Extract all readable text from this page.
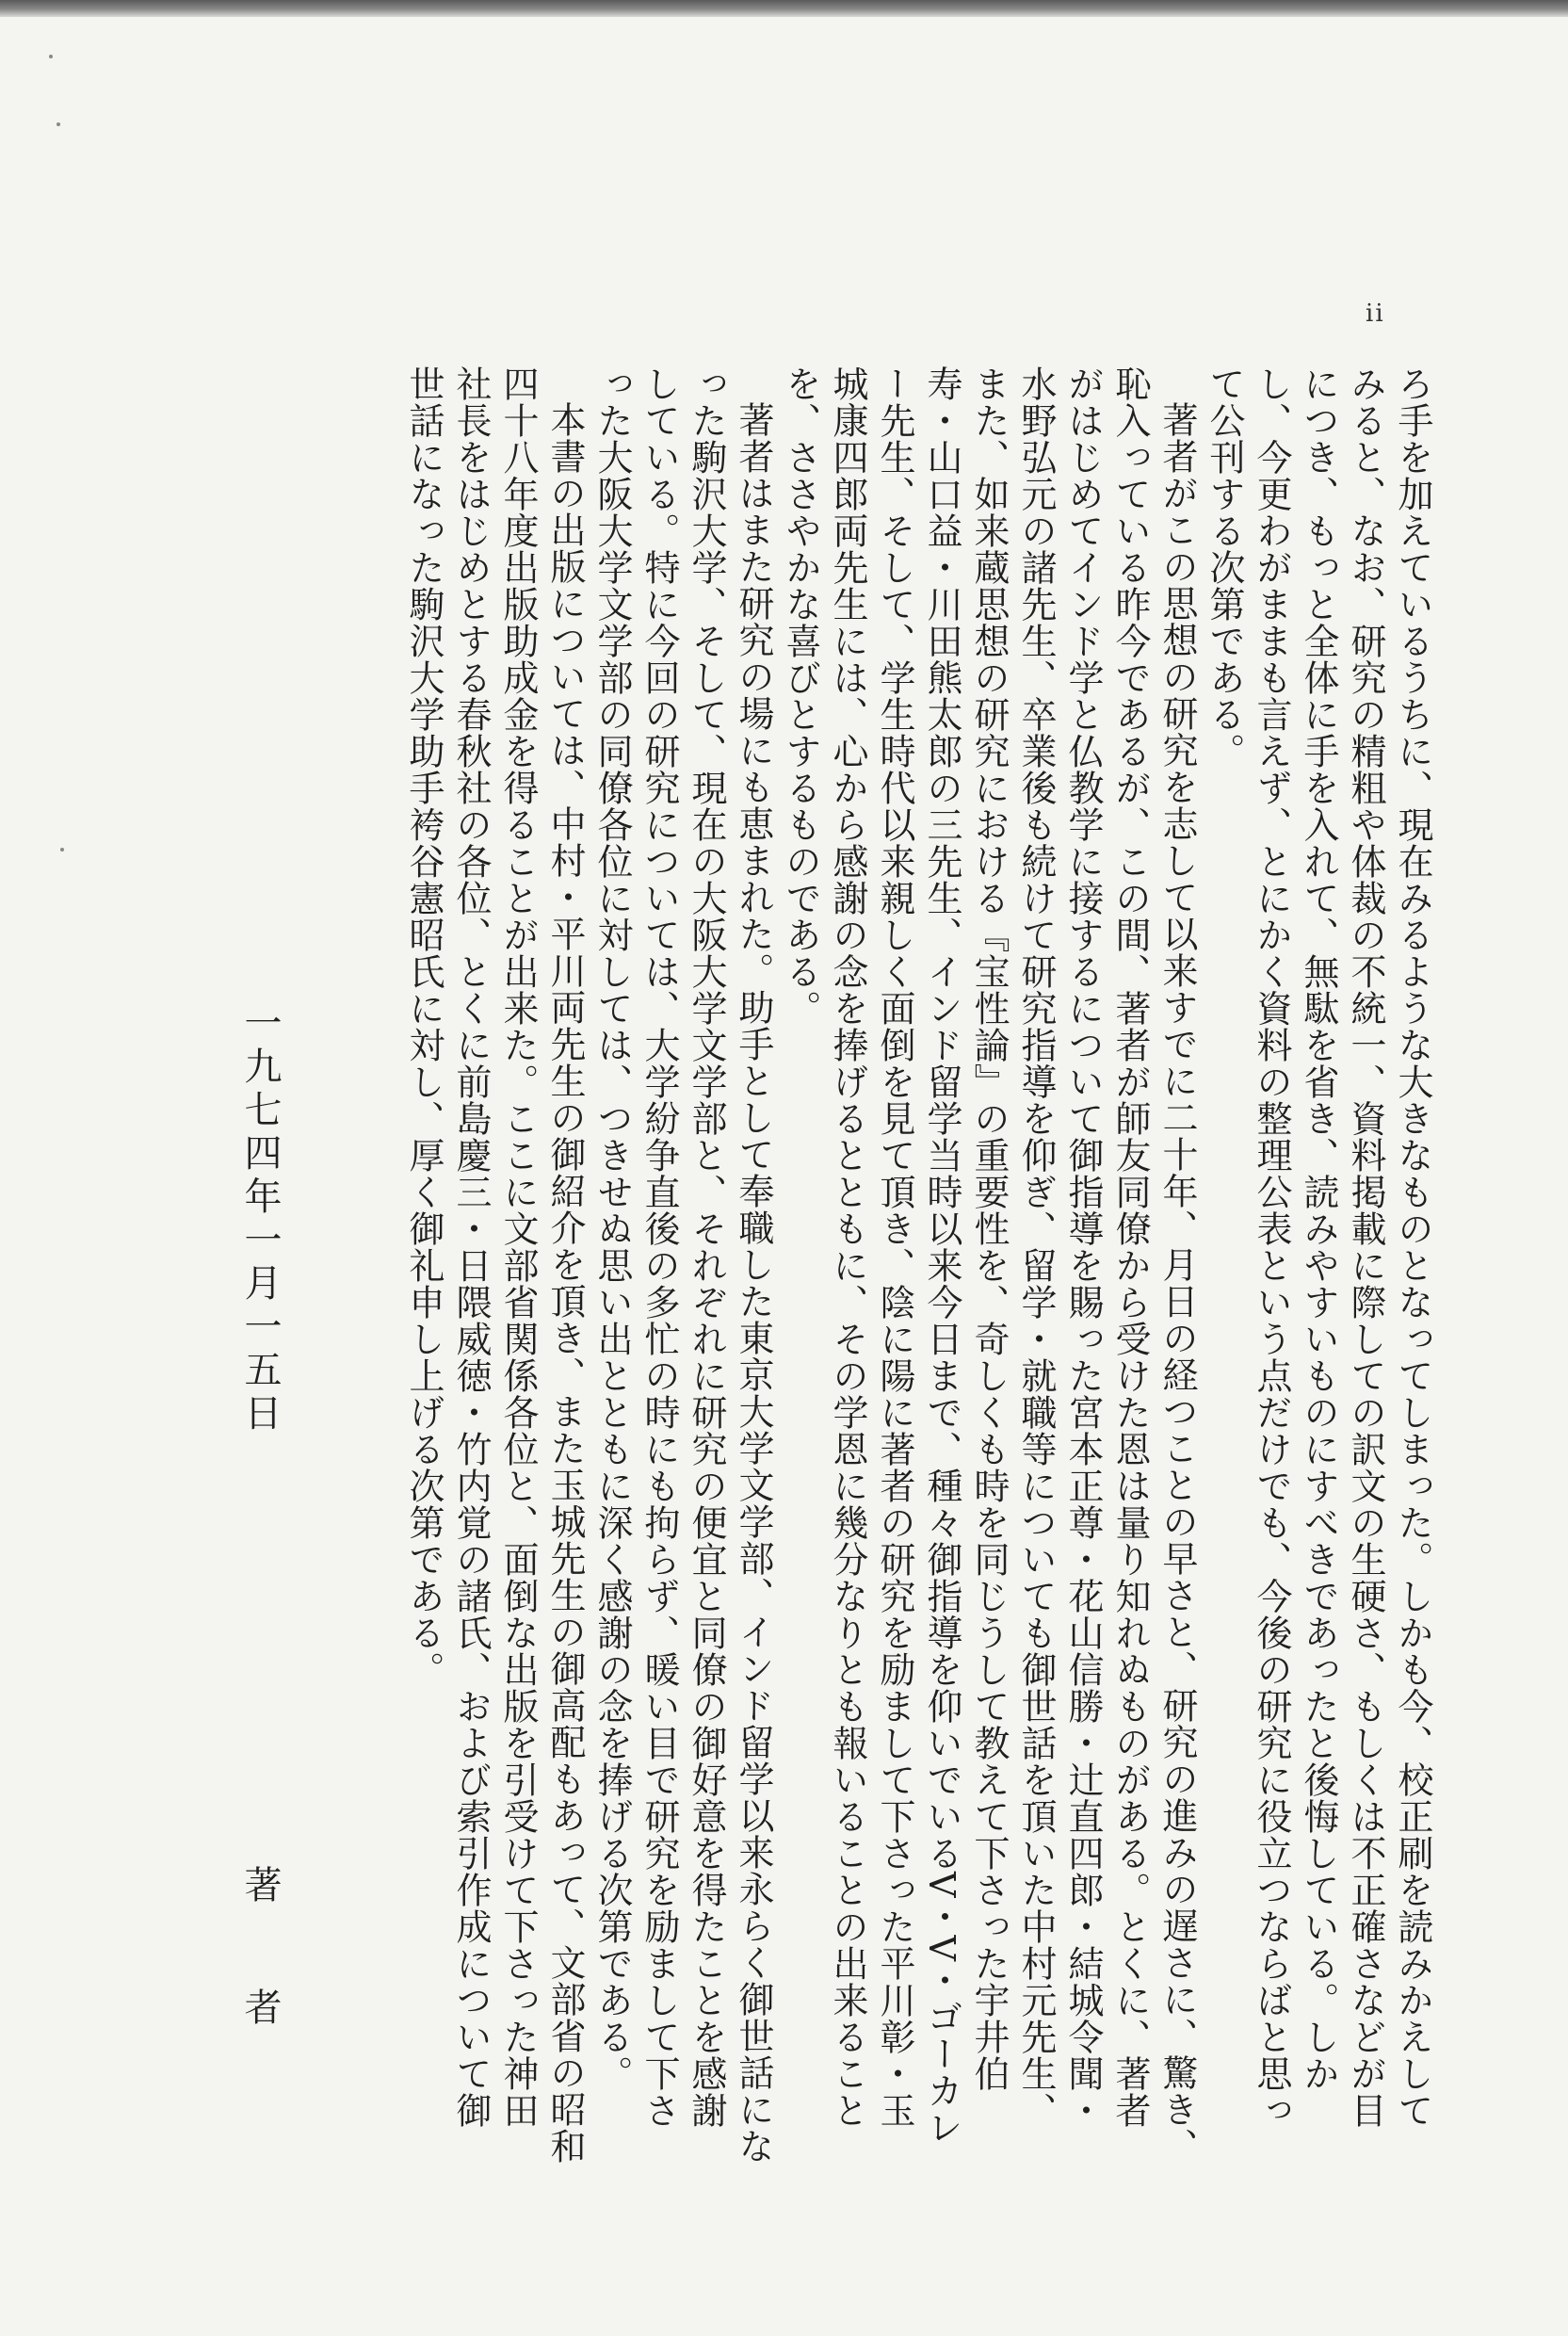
ii

ろ手を加えているうちに、現在みるような大きなものとなってしまった。しかも今、校正刷を読みかえしてみると、なお、研究の精粗や体裁の不統一、資料掲載に際しての訳文の生硬さ、もしくは不正確さなどが目につき、もっと全体に手を入れて、無駄を省き、読みやすいものにすべきであったと後悔している。しかし、今更わがままも言えず、とにかく資料の整理公表という点だけでも、今後の研究に役立つならばと思って公刊する次第である。

著者がこの思想の研究を志して以来すでに二十年、月日の経つことの早さと、研究の進みの遅さに、驚き、恥入っている昨今であるが、この間、著者が師友同僚から受けた恩は量り知れぬものがある。とくに、著者がはじめてインド学と仏教学に接するについて御指導を賜った宮本正尊・花山信勝・辻直四郎・結城令聞・水野弘元の諸先生、卒業後も続けて研究指導を仰ぎ、留学・就職等についても御世話を頂いた中村元先生、また、如来蔵思想の研究における『宝性論』の重要性を、奇しくも時を同じうして教えて下さった宇井伯寿・山口益・川田熊太郎の三先生、インド留学当時以来今日まで、種々御指導を仰いでいるV・V・ゴーカレー先生、そして、学生時代以来親しく面倒を見て頂き、陰に陽に著者の研究を励まして下さった平川彰・玉城康四郎両先生には、心から感謝の念を捧げるとともに、その学恩に幾分なりとも報いることの出来ることを、ささやかな喜びとするものである。

著者はまた研究の場にも恵まれた。助手として奉職した東京大学文学部、インド留学以来永らく御世話になった駒沢大学、そして、現在の大阪大学文学部と、それぞれに研究の便宜と同僚の御好意を得たことを感謝している。特に今回の研究については、大学紛争直後の多忙の時にも拘らず、暖い目で研究を励まして下さった大阪大学文学部の同僚各位に対しては、つきせぬ思い出とともに深く感謝の念を捧げる次第である。

本書の出版については、中村・平川両先生の御紹介を頂き、また玉城先生の御高配もあって、文部省の昭和四十八年度出版助成金を得ることが出来た。ここに文部省関係各位と、面倒な出版を引受けて下さった神田社長をはじめとする春秋社の各位、とくに前島慶三・日隈威徳・竹内覚の諸氏、および索引作成について御世話になった駒沢大学助手袴谷憲昭氏に対し、厚く御礼申し上げる次第である。

一九七四年一月一五日
著者
